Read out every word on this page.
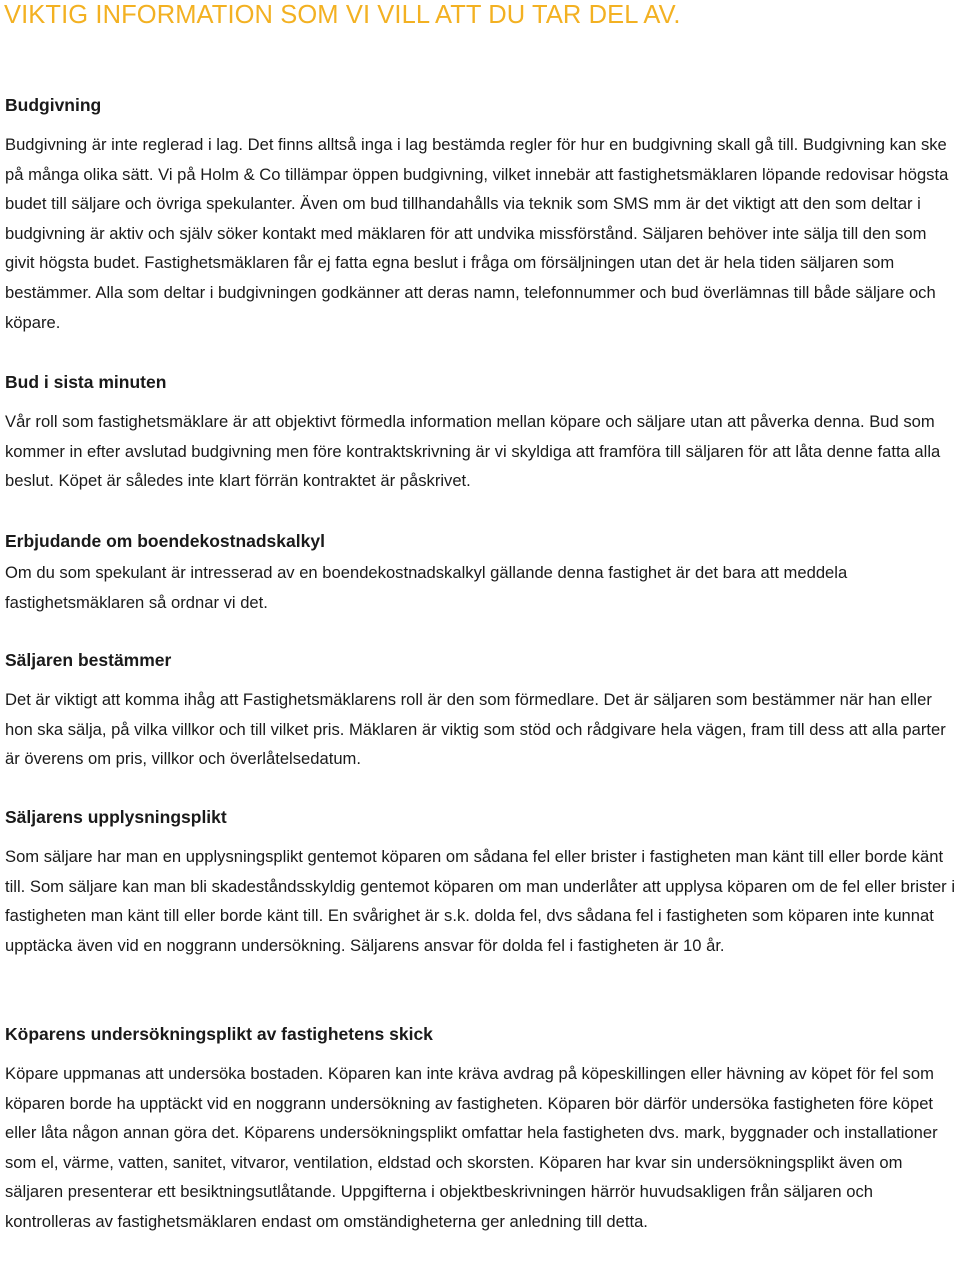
VIKTIG INFORMATION SOM VI VILL ATT DU TAR DEL AV.
Budgivning

Budgivning är inte reglerad i lag. Det finns alltså inga i lag bestämda regler för hur en budgivning skall gå till. Budgivning kan ske på många olika sätt. Vi på Holm & Co tillämpar öppen budgivning, vilket innebär att fastighetsmäklaren löpande redovisar högsta budet till säljare och övriga spekulanter. Även om bud tillhandahålls via teknik som SMS mm är det viktigt att den som deltar i budgivning är aktiv och själv söker kontakt med mäklaren för att undvika missförstånd. Säljaren behöver inte sälja till den som givit högsta budet. Fastighetsmäklaren får ej fatta egna beslut i fråga om försäljningen utan det är hela tiden säljaren som bestämmer. Alla som deltar i budgivningen godkänner att deras namn, telefonnummer och bud överlämnas till både säljare och köpare.

Bud i sista minuten

Vår roll som fastighetsmäklare är att objektivt förmedla information mellan köpare och säljare utan att påverka denna. Bud som kommer in efter avslutad budgivning men före kontraktskrivning är vi skyldiga att framföra till säljaren för att låta denne fatta alla beslut. Köpet är således inte klart förrän kontraktet är påskrivet.

Erbjudande om boendekostnadskalkyl

Om du som spekulant är intresserad av en boendekostnadskalkyl gällande denna fastighet är det bara att meddela fastighetsmäklaren så ordnar vi det.

Säljaren bestämmer

Det är viktigt att komma ihåg att Fastighetsmäklarens roll är den som förmedlare. Det är säljaren som bestämmer när han eller hon ska sälja, på vilka villkor och till vilket pris. Mäklaren är viktig som stöd och rådgivare hela vägen, fram till dess att alla parter är överens om pris, villkor och överlåtelsedatum.

Säljarens upplysningsplikt

Som säljare har man en upplysningsplikt gentemot köparen om sådana fel eller brister i fastigheten man känt till eller borde känt till. Som säljare kan man bli skadeståndsskyldig gentemot köparen om man underlåter att upplysa köparen om de fel eller brister i fastigheten man känt till eller borde känt till. En svårighet är s.k. dolda fel, dvs sådana fel i fastigheten som köparen inte kunnat upptäcka även vid en noggrann undersökning. Säljarens ansvar för dolda fel i fastigheten är 10 år.

Köparens undersökningsplikt av fastighetens skick

Köpare uppmanas att undersöka bostaden. Köparen kan inte kräva avdrag på köpeskillingen eller hävning av köpet för fel som köparen borde ha upptäckt vid en noggrann undersökning av fastigheten. Köparen bör därför undersöka fastigheten före köpet eller låta någon annan göra det. Köparens undersökningsplikt omfattar hela fastigheten dvs. mark, byggnader och installationer som el, värme, vatten, sanitet, vitvaror, ventilation, eldstad och skorsten. Köparen har kvar sin undersökningsplikt även om säljaren presenterar ett besiktningsutlåtande. Uppgifterna i objektbeskrivningen härrör huvudsakligen från säljaren och kontrolleras av fastighetsmäklaren endast om omständigheterna ger anledning till detta.
